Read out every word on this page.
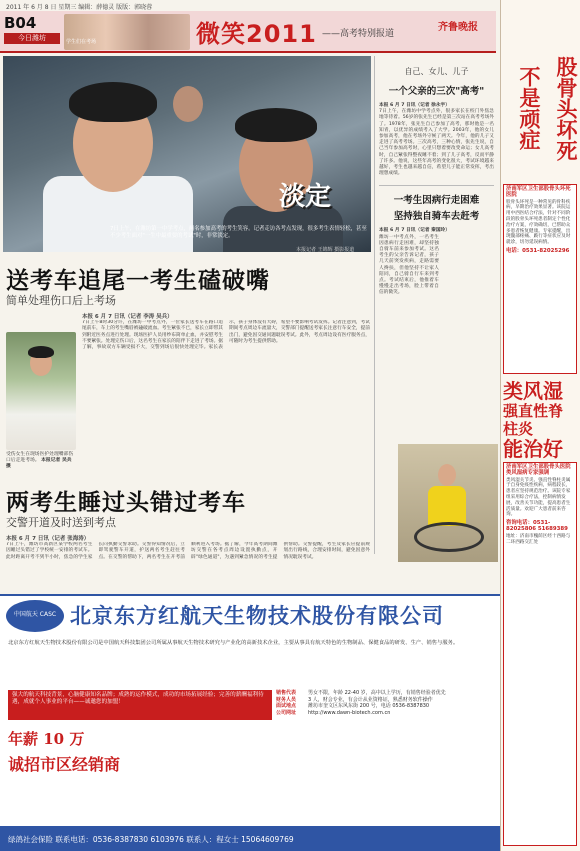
2011 年 6 月 8 日 星期三 编辑：薛德灵 版版：郭晓蓉
B04
今日潍坊	学生们在考场	微笑2011 ——高考特别报道
齐鲁晚报
淡定
7日上午，在潍坊第一中学考点，两名参加高考的考生笑容。记者走访各考点发现，很多考生表情轻松，甚至不少考生面对"一生中最重要的考试"时，非常淡定。
本报记者 王锦辉 摄影报道
自己、女儿、儿子
一个父亲的三次"高考"
本报 6 月 7 日讯（记者 徐永宇）
7日上午，在潍坊中学考点外，很多家长在校门外焦急地等待着。56岁的张先生已经是第三次站在高考考场外了。1978年，张先生自己参加了高考，那时他是一名知青，以优异的成绩考入了大学。2003年，他的女儿参加高考，他在考场外守候了两天。今年，他的儿子又走进了高考考场。三次高考，三种心情，张先生说，自己当年参加高考时，心里只想着要改变命运；女儿高考时，自己紧张得整夜睡不着；到了儿子高考，反而平静了许多。他说，这些年高考的变化很大，考试环境越来越好，考生也越来越自信，希望儿子能正常发挥，考出理想成绩。
一考生因病行走困难
坚持独自骑车去赶考
本报 6 月 7 日讯（记者 秦国玲）
潍坊一中考点外，一名考生因患病行走困难，却坚持独自骑车前来参加考试。这名考生的父亲告诉记者，孩子几天前突发疾病，走路需要人搀扶，但他坚持不让家人陪同，自己骑自行车来到考点。考试结束后，他推着车慢慢走出考场，脸上带着自信的微笑。
送考车追尾一考生磕破嘴
简单处理伤口后上考场
受伤女生在现场医护处理嘴部伤口后走进考场。 本报记者 吴兵 摄
本报 6 月 7 日讯（记者 李涛 吴兵）
7日上午8时30分许，在潍坊一中考点外，一位家长送考车在路口追尾前车，车上的考生嘴唇被磕破流血。考生紧张不已，家长立即带其到附近医务点进行处理。现场医护人员用纱布简单止血，并安慰考生不要紧张。处理完伤口后，这名考生在家长的陪伴下走进了考场。据了解，事故双方车辆受损不大，交警到场后很快处理完毕。家长表示，孩子身体没有大碍，希望不要影响考试发挥。记者注意到，考试期间考点周边车流量大，交警部门提醒送考家长注意行车安全，提前出门，避免因交通问题耽误考试。此外，考点周边设有医疗服务点，可随时为考生提供帮助。
两考生睡过头错过考车
交警开道及时送到考点
本报 6 月 7 日讯（记者 张海涛）
7日上午，潍坊市高新区某学校两名考生因睡过头错过了学校统一安排的考试车。此时距离开考不到半小时，焦急的学生家长向执勤交警求助。交警得知情况后，立即驾驶警车开道，护送两名考生赶往考点。在交警的帮助下，两名考生在开考前顺利进入考场。据了解，今年高考期间潍坊交警在各考点周边设置执勤点，开辟"绿色通道"，为遇到紧急情况的考生提供帮助。交警提醒，考生及家长应提前规划出行路线，合理安排时间，避免因意外情况耽误考试。
中国航天 CASC 北京东方红航天生物技术股份有限公司
北京东方红航天生物技术股份有限公司是中国航天科技集团公司所属从事航天生物技术研究与产业化的高新技术企业，主要从事具有航天特色的生物制品、保健食品的研发、生产、销售与服务。
强大的航天科技背景，心脑健康知名品牌；成熟的运作模式，成功的市场拓展经验；完善的薪酬福利待遇，成就个人事业的平台——诚邀您的加盟！
年薪 10 万
诚招市区经销商
销售代表 男女不限，年龄 22-40 岁，高中以上学历，有销售经验者优先
财务人员 3 人，财会专业，有会计从业资格证，熟悉财务软件操作
面试地点 潍坊市奎文区东风东街 200 号，电话 0536-8387830
公司网址 http://www.dawn-biotech.com.cn
绿鸽社会保险 联系电话：0536-8387830 6103976 联系人：程女士 15064609769
不是顽症 股骨头坏死
济南军区卫生部股骨头坏死医院
股骨头坏死是一种常见的骨科疾病，早期治疗效果显著。该院运用中西医结合疗法，针对不同阶段的股骨头坏死患者制定个性化治疗方案，疗效确切，已帮助众多患者恢复健康。专家提醒，出现髋部疼痛、跛行等症状应及时就诊，切勿延误病情。
电话：0531-82025296
类风湿
强直性脊柱炎
能治好
济南军区卫生部股骨头医院类风湿病专家强调
类风湿关节炎、强直性脊柱炎属于自身免疫性疾病，病程较长，患者应坚持规范治疗。该院专家组采用综合疗法，控制病情发展，改善关节功能，提高患者生活质量。欢迎广大患者前来咨询。
咨询电话：0531-82025806 51689389
地址：济南市槐荫区经十西路与二环西路交汇处
